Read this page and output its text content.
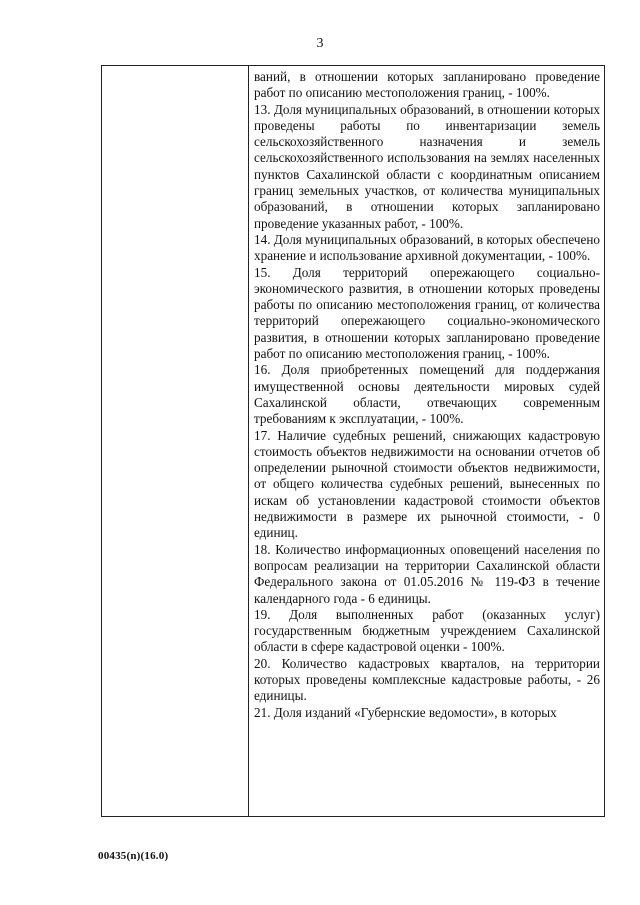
3

ваний, в отношении которых запланировано проведение работ по описанию местоположения границ, - 100%.

13. Доля муниципальных образований, в отношении которых проведены работы по инвентаризации земель сельскохозяйственного назначения и земель сельскохозяйственного использования на землях населенных пунктов Сахалинской области с координатным описанием границ земельных участков, от количества муниципальных образований, в отношении которых запланировано проведение указанных работ, - 100%.

14. Доля муниципальных образований, в которых обеспечено хранение и использование архивной документации, - 100%.

15. Доля территорий опережающего социально-экономического развития, в отношении которых проведены работы по описанию местоположения границ, от количества территорий опережающего социально-экономического развития, в отношении которых запланировано проведение работ по описанию местоположения границ, - 100%.

16. Доля приобретенных помещений для поддержания имущественной основы деятельности мировых судей Сахалинской области, отвечающих современным требованиям к эксплуатации, - 100%.

17. Наличие судебных решений, снижающих кадастровую стоимость объектов недвижимости на основании отчетов об определении рыночной стоимости объектов недвижимости, от общего количества судебных решений, вынесенных по искам об установлении кадастровой стоимости объектов недвижимости в размере их рыночной стоимости, - 0 единиц.

18. Количество информационных оповещений населения по вопросам реализации на территории Сахалинской области Федерального закона от 01.05.2016 № 119-ФЗ в течение календарного года - 6 единицы.

19. Доля выполненных работ (оказанных услуг) государственным бюджетным учреждением Сахалинской области в сфере кадастровой оценки - 100%.

20. Количество кадастровых кварталов, на территории которых проведены комплексные кадастровые работы, - 26 единицы.

21. Доля изданий «Губернские ведомости», в которых

00435(n)(16.0)
